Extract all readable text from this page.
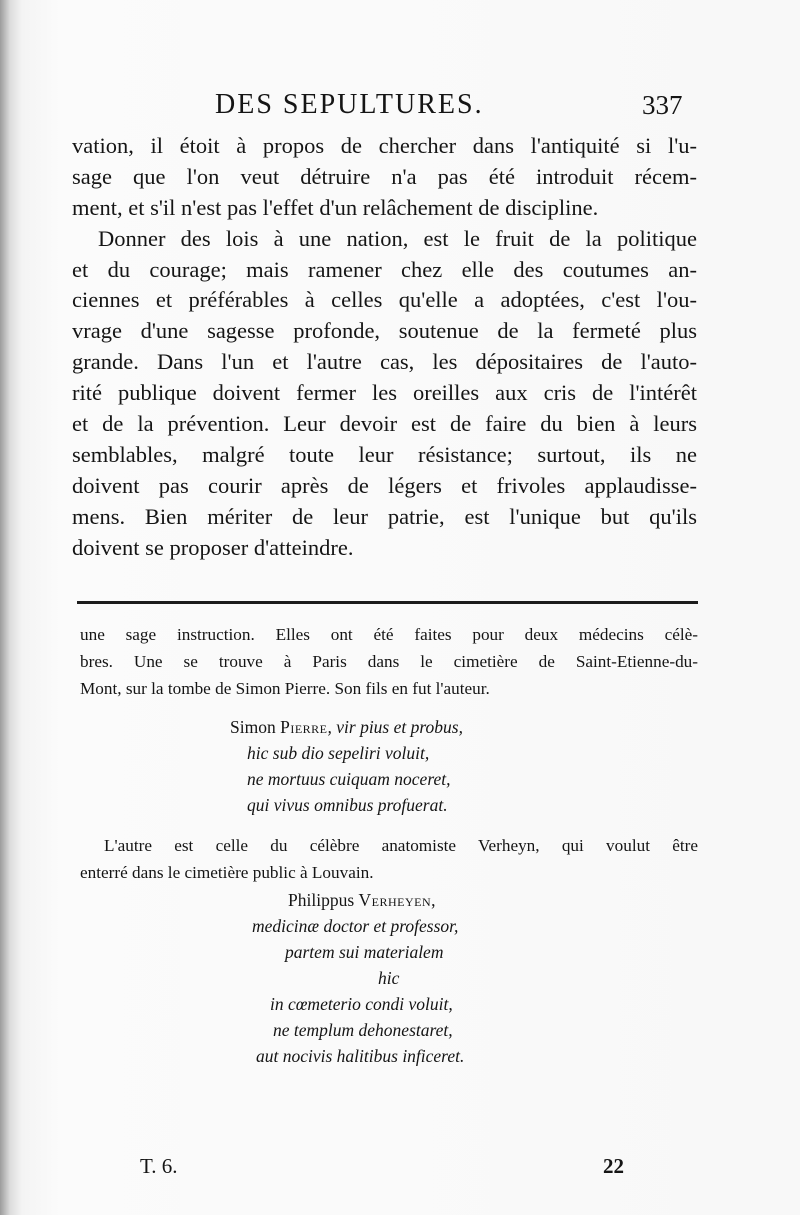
DES SEPULTURES.	337
vation, il étoit à propos de chercher dans l'antiquité si l'u-
sage que l'on veut détruire n'a pas été introduit récem-
ment, et s'il n'est pas l'effet d'un relâchement de discipline.
Donner des lois à une nation, est le fruit de la politique
et du courage; mais ramener chez elle des coutumes an-
ciennes et préférables à celles qu'elle a adoptées, c'est l'ou-
vrage d'une sagesse profonde, soutenue de la fermeté plus
grande. Dans l'un et l'autre cas, les dépositaires de l'auto-
rité publique doivent fermer les oreilles aux cris de l'intérêt
et de la prévention. Leur devoir est de faire du bien à leurs
semblables, malgré toute leur résistance; surtout, ils ne
doivent pas courir après de légers et frivoles applaudisse-
mens. Bien mériter de leur patrie, est l'unique but qu'ils
doivent se proposer d'atteindre.
une sage instruction. Elles ont été faites pour deux médecins célè-
bres. Une se trouve à Paris dans le cimetière de Saint-Etienne-du-
Mont, sur la tombe de Simon Pierre. Son fils en fut l'auteur.
Simon Pierre, vir pius et probus,
hic sub dio sepeliri voluit,
ne mortuus cuiquam noceret,
qui vivus omnibus profuerat.
L'autre est celle du célèbre anatomiste Verheyn, qui voulut être
enterré dans le cimetière public à Louvain.
Philippus Verheyen,
medicinæ doctor et professor,
partem sui materialem
hic
in cœmeterio condi voluit,
ne templum dehonestaret,
aut nocivis halitibus inficeret.
T. 6.	22
